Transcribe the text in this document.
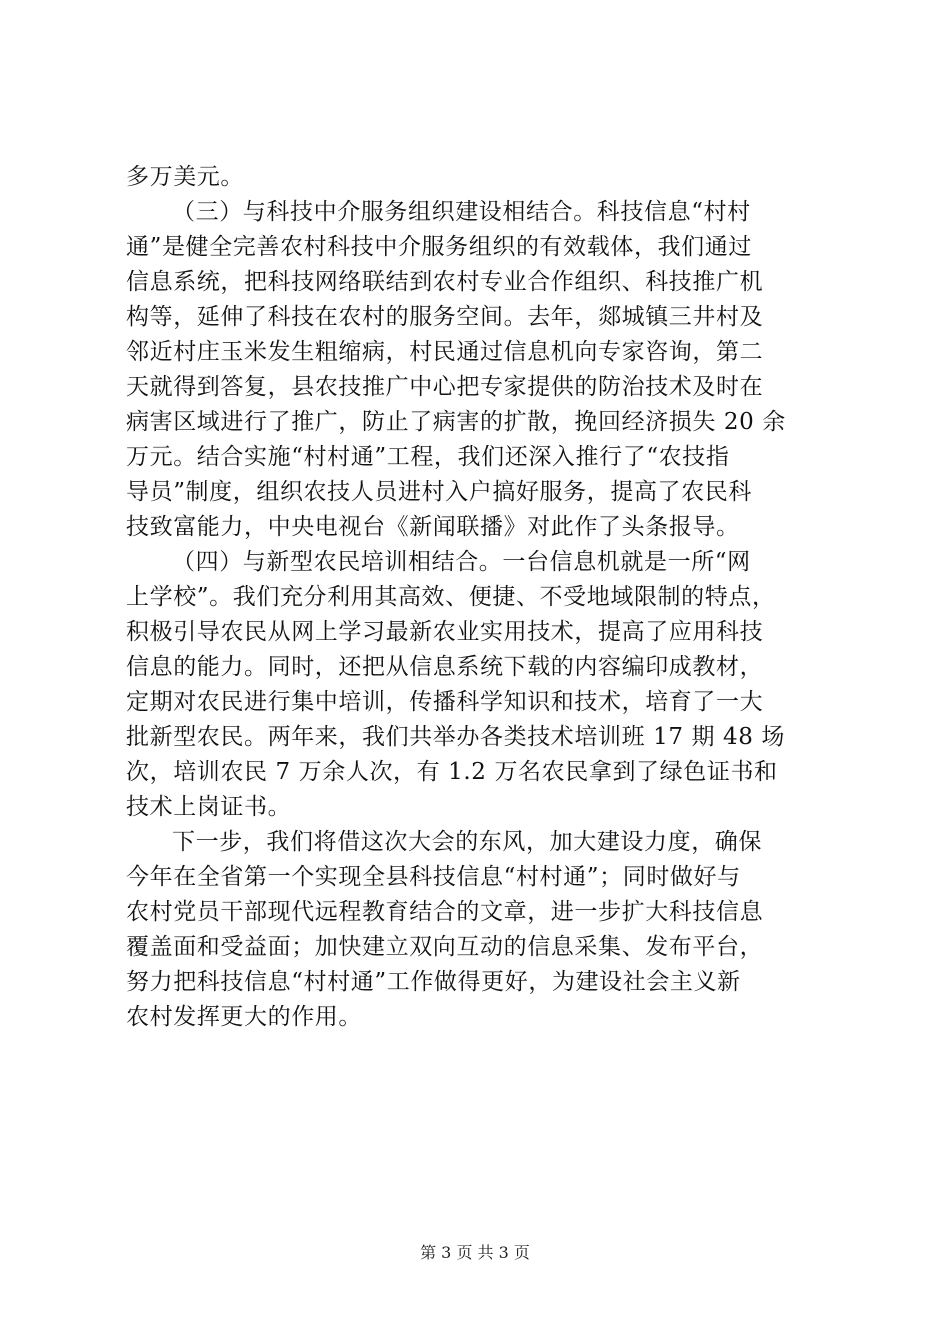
多万美元。
（三）与科技中介服务组织建设相结合。科技信息“村村
通”是健全完善农村科技中介服务组织的有效载体，我们通过
信息系统，把科技网络联结到农村专业合作组织、科技推广机
构等，延伸了科技在农村的服务空间。去年，郯城镇三井村及
邻近村庄玉米发生粗缩病，村民通过信息机向专家咨询，第二
天就得到答复，县农技推广中心把专家提供的防治技术及时在
病害区域进行了推广，防止了病害的扩散，挽回经济损失 20 余
万元。结合实施“村村通”工程，我们还深入推行了“农技指
导员”制度，组织农技人员进村入户搞好服务，提高了农民科
技致富能力，中央电视台《新闻联播》对此作了头条报导。
（四）与新型农民培训相结合。一台信息机就是一所“网
上学校”。我们充分利用其高效、便捷、不受地域限制的特点，
积极引导农民从网上学习最新农业实用技术，提高了应用科技
信息的能力。同时，还把从信息系统下载的内容编印成教材，
定期对农民进行集中培训，传播科学知识和技术，培育了一大
批新型农民。两年来，我们共举办各类技术培训班 17 期 48 场
次，培训农民 7 万余人次，有 1.2 万名农民拿到了绿色证书和
技术上岗证书。
下一步，我们将借这次大会的东风，加大建设力度，确保
今年在全省第一个实现全县科技信息“村村通”；同时做好与
农村党员干部现代远程教育结合的文章，进一步扩大科技信息
覆盖面和受益面；加快建立双向互动的信息采集、发布平台，
努力把科技信息“村村通”工作做得更好，为建设社会主义新
农村发挥更大的作用。
第 3 页 共 3 页
